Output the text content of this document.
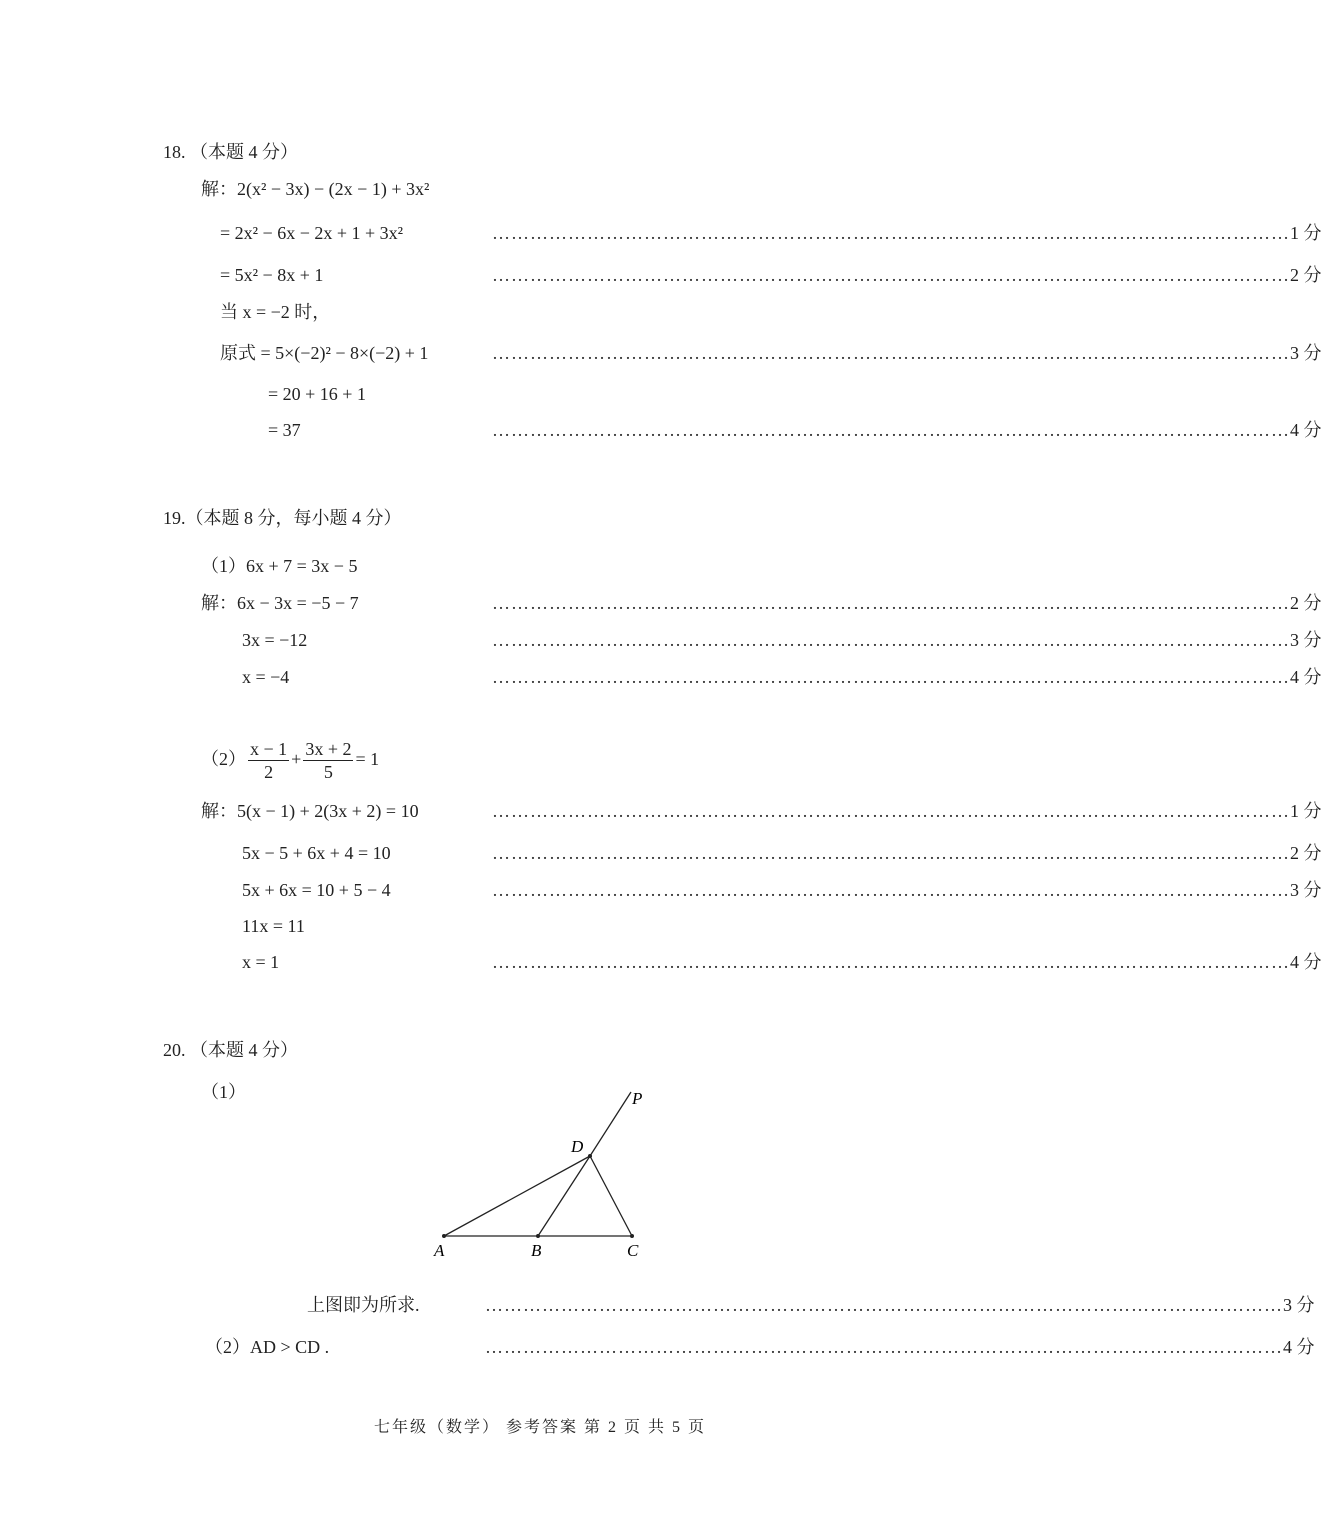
18. （本题 4 分）
解：2(x² − 3x) − (2x − 1) + 3x²
= 2x² − 6x − 2x + 1 + 3x²	……………………………………………………………………………………………………………… 1 分
= 5x² − 8x + 1	……………………………………………………………………………………………………………… 2 分
当 x = −2 时，
原式 = 5×(−2)² − 8×(−2) + 1	……………………………………………………………………………………………………………… 3 分
= 20 + 16 + 1
= 37	……………………………………………………………………………………………………………… 4 分
19.（本题 8 分，每小题 4 分）
（1）6x + 7 = 3x − 5
解：6x − 3x = −5 − 7	……………………………………………………………………………………………………………… 2 分
3x = −12	……………………………………………………………………………………………………………… 3 分
x = −4	……………………………………………………………………………………………………………… 4 分
$(2) \frac{x - 1}{2} + \frac{3x + 2}{5} = 1$
解：5(x − 1) + 2(3x + 2) = 10	……………………………………………………………………………………………………………… 1 分
5x − 5 + 6x + 4 = 10	……………………………………………………………………………………………………………… 2 分
5x + 6x = 10 + 5 − 4	……………………………………………………………………………………………………………… 3 分
11x = 11
x = 1	……………………………………………………………………………………………………………… 4 分
20. （本题 4 分）
（1）	P
D
A	B	C
上图即为所求.	……………………………………………………………………………………………………………… 3 分
（2）AD > CD .	……………………………………………………………………………………………………………… 4 分
七年级（数学） 参考答案 第 2 页 共 5 页
